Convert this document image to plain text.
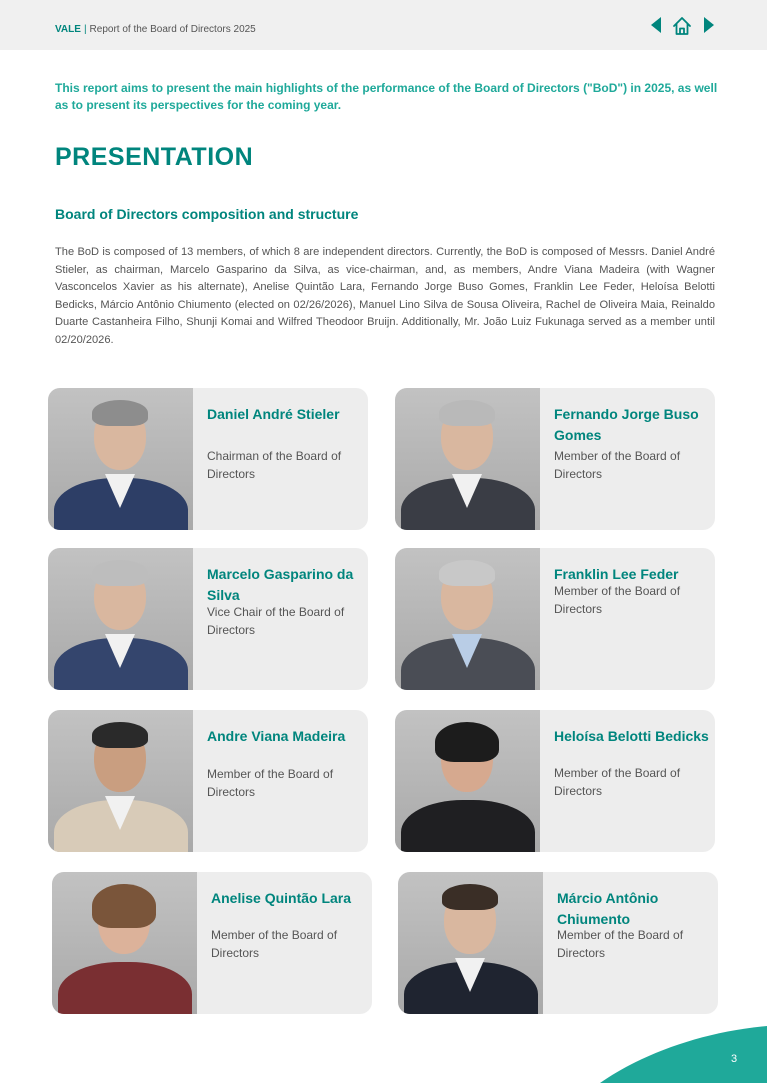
VALE | Report of the Board of Directors 2025

This report aims to present the main highlights of the performance of the Board of Directors ("BoD") in 2025, as well as to present its perspectives for the coming year.

PRESENTATION
Board of Directors composition and structure

The BoD is composed of 13 members, of which 8 are independent directors. Currently, the BoD is composed of Messrs. Daniel André Stieler, as chairman, Marcelo Gasparino da Silva, as vice-chairman, and, as members, Andre Viana Madeira (with Wagner Vasconcelos Xavier as his alternate), Anelise Quintão Lara, Fernando Jorge Buso Gomes, Franklin Lee Feder, Heloísa Belotti Bedicks, Márcio Antônio Chiumento (elected on 02/26/2026), Manuel Lino Silva de Sousa Oliveira, Rachel de Oliveira Maia, Reinaldo Duarte Castanheira Filho, Shunji Komai and Wilfred Theodoor Bruijn. Additionally, Mr. João Luiz Fukunaga served as a member until 02/20/2026.

Daniel André Stieler
Chairman of the Board of Directors
Fernando Jorge Buso Gomes
Member of the Board of Directors
Marcelo Gasparino da Silva
Vice Chair of the Board of Directors
Franklin Lee Feder
Member of the Board of Directors
Andre Viana Madeira
Member of the Board of Directors
Heloísa Belotti Bedicks
Member of the Board of Directors
Anelise Quintão Lara
Member of the Board of Directors
Márcio Antônio Chiumento
Member of the Board of Directors
3
